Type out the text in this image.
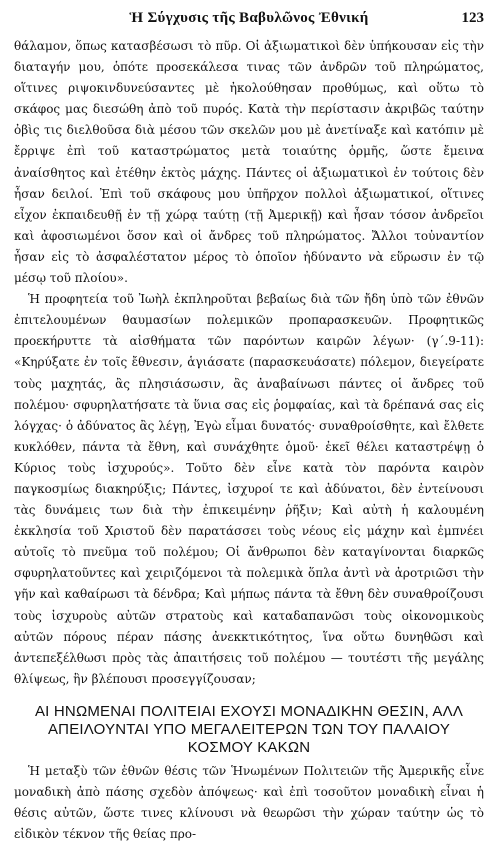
Ἡ Σύγχυσις τῆς Βαβυλῶνος Ἐθνική	123

θάλαμον, ὅπως κατασβέσωσι τὸ πῦρ. Οἱ ἀξιωματικοὶ δὲν ὑπήκουσαν εἰς τὴν διαταγήν μου, ὁπότε προσεκάλεσα τινας τῶν ἀνδρῶν τοῦ πληρώματος, οἵτινες ριψοκινδυνεύσαντες μὲ ἠκολούθησαν προθύμως, καὶ οὕτω τὸ σκάφος μας διεσώθη ἀπὸ τοῦ πυρός. Κατὰ τὴν περίστασιν ἀκριβῶς ταύτην ὀβὶς τις διελθοῦσα διὰ μέσου τῶν σκελῶν μου μὲ ἀνετίναξε καὶ κατόπιν μὲ ἔρριψε ἐπὶ τοῦ καταστρώματος μετὰ τοιαύτης ὁρμῆς, ὥστε ἔμεινα ἀναίσθητος καὶ ἐτέθην ἐκτὸς μάχης. Πάντες οἱ ἀξιωματικοὶ ἐν τούτοις δὲν ἦσαν δειλοί. Ἐπὶ τοῦ σκάφους μου ὑπῆρχον πολλοὶ ἀξιωματικοί, οἵτινες εἶχον ἐκπαιδευθῇ ἐν τῇ χώρᾳ ταύτῃ (τῇ Ἀμερικῇ) καὶ ἦσαν τόσον ἀνδρεῖοι καὶ ἀφοσιωμένοι ὅσον καὶ οἱ ἄνδρες τοῦ πληρώματος. Ἄλλοι τοὐναντίον ἦσαν εἰς τὸ ἀσφαλέστατον μέρος τὸ ὁποῖον ἠδύναντο νὰ εὕρωσιν ἐν τῷ μέσῳ τοῦ πλοίου».

Ἡ προφητεία τοῦ Ἰωὴλ ἐκπληροῦται βεβαίως διὰ τῶν ἤδη ὑπὸ τῶν ἐθνῶν ἐπιτελουμένων θαυμασίων πολεμικῶν προπαρασκευῶν. Προφητικῶς προεκήρυττε τὰ αἰσθήματα τῶν παρόντων καιρῶν λέγων· (γ΄.9-11): «Κηρύξατε ἐν τοῖς ἔθνεσιν, ἁγιάσατε (παρασκευάσατε) πόλεμον, διεγείρατε τοὺς μαχητάς, ἂς πλησιάσωσιν, ἂς ἀναβαίνωσι πάντες οἱ ἄνδρες τοῦ πολέμου· σφυρηλατήσατε τὰ ὕνια σας εἰς ῥομφαίας, καὶ τὰ δρέπανά σας εἰς λόγχας· ὁ ἀδύνατος ἂς λέγῃ, Ἐγὼ εἶμαι δυνατός· συναθροίσθητε, καὶ ἔλθετε κυκλόθεν, πάντα τὰ ἔθνη, καὶ συνάχθητε ὁμοῦ· ἐκεῖ θέλει καταστρέψῃ ὁ Κύριος τοὺς ἰσχυρούς». Τοῦτο δὲν εἶνε κατὰ τὸν παρόντα καιρὸν παγκοσμίως διακηρύξις; Πάντες, ἰσχυροί τε καὶ ἀδύνατοι, δὲν ἐντείνουσι τὰς δυνάμεις των διὰ τὴν ἐπικειμένην ῥῆξιν; Καὶ αὐτὴ ἡ καλουμένη ἐκκλησία τοῦ Χριστοῦ δὲν παρατάσσει τοὺς νέους εἰς μάχην καὶ ἐμπνέει αὐτοῖς τὸ πνεῦμα τοῦ πολέμου; Οἱ ἄνθρωποι δὲν καταγίνονται διαρκῶς σφυρηλατοῦντες καὶ χειριζόμενοι τὰ πολεμικὰ ὅπλα ἀντὶ νὰ ἀροτριῶσι τὴν γῆν καὶ καθαίρωσι τὰ δένδρα; Καὶ μήπως πάντα τὰ ἔθνη δὲν συναθροίζουσι τοὺς ἰσχυροὺς αὐτῶν στρατοὺς καὶ καταδαπανῶσι τοὺς οἰκονομικοὺς αὐτῶν πόρους πέραν πάσης ἀνεκκτικότητος, ἵνα οὕτω δυνηθῶσι καὶ ἀντεπεξέλθωσι πρὸς τὰς ἀπαιτήσεις τοῦ πολέμου — τουτέστι τῆς μεγάλης θλίψεως, ἣν βλέπουσι προσεγγίζουσαν;

ΑΙ ΗΝΩΜΕΝΑΙ ΠΟΛΙΤΕΙΑΙ ΕΧΟΥΣΙ ΜΟΝΑΔΙΚΗΝ ΘΕΣΙΝ, ΑΛΛ ΑΠΕΙΛΟΥΝΤΑΙ ΥΠΟ ΜΕΓΑΛΕΙΤΕΡΩΝ ΤΩΝ ΤΟΥ ΠΑΛΑΙΟΥ ΚΟΣΜΟΥ ΚΑΚΩΝ

Ἡ μεταξὺ τῶν ἐθνῶν θέσις τῶν Ἡνωμένων Πολιτειῶν τῆς Ἀμερικῆς εἶνε μοναδικὴ ἀπὸ πάσης σχεδὸν ἀπόψεως· καὶ ἐπὶ τοσοῦτον μοναδικὴ εἶναι ἡ θέσις αὐτῶν, ὥστε τινες κλίνουσι νὰ θεωρῶσι τὴν χώραν ταύτην ὡς τὸ εἰδικὸν τέκνον τῆς θείας προ-
